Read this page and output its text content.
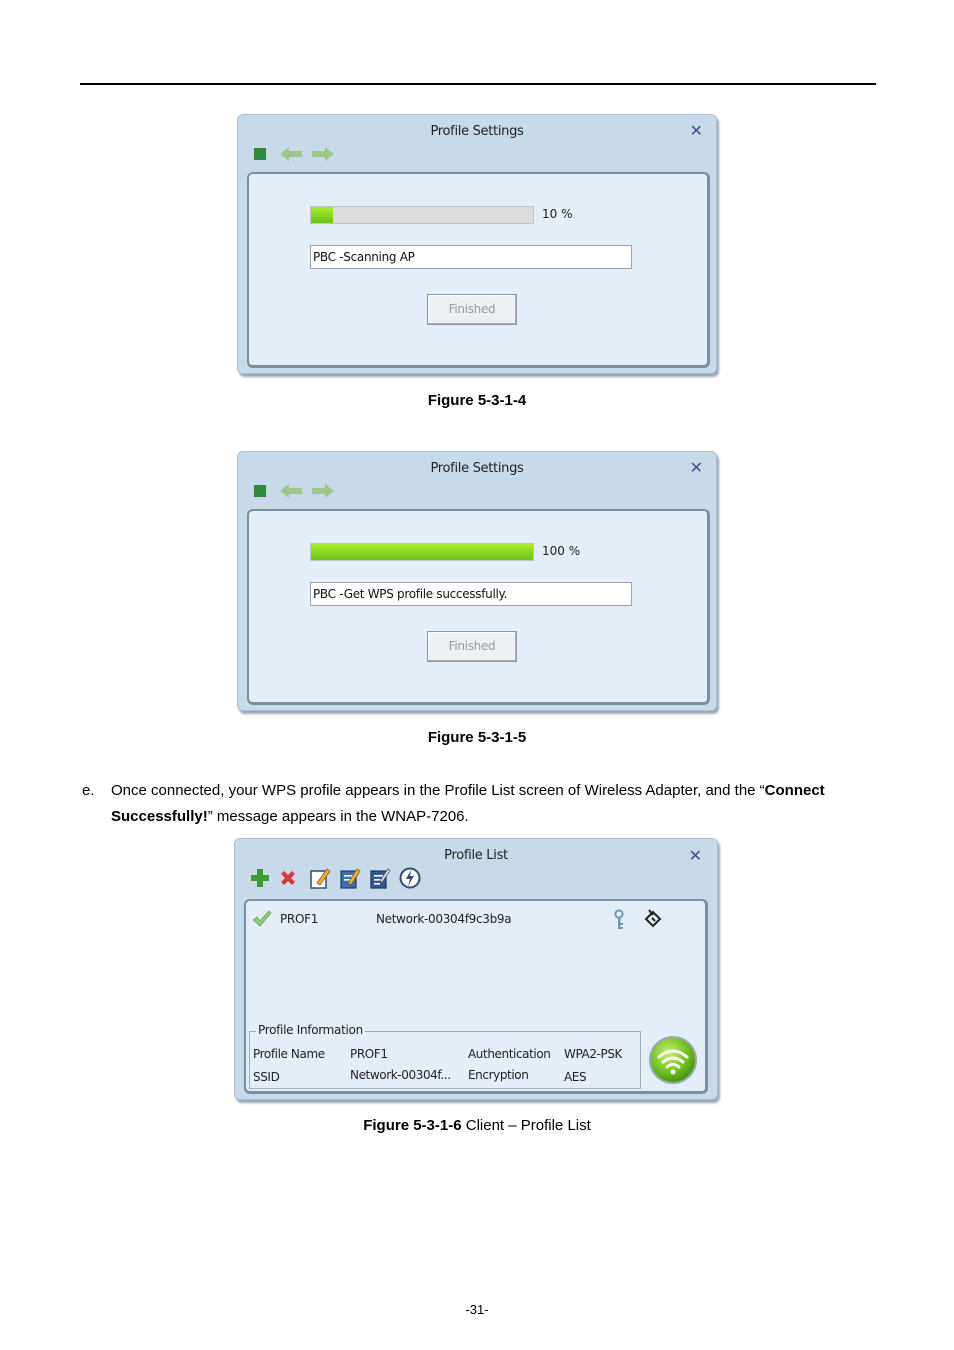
Profile Settings	✕
10 %
PBC -Scanning AP
Finished
Figure 5-3-1-4
Profile Settings	✕
100 %
PBC -Get WPS profile successfully.
Finished
Figure 5-3-1-5
e. Once connected, your WPS profile appears in the Profile List screen of Wireless Adapter, and the “Connect Successfully!” message appears in the WNAP-7206.
Profile List	✕
PROF1	Network-00304f9c3b9a
Profile Information
Profile Name PROF1	Authentication WPA2-PSK
SSID	Network-00304f... Encryption	AES
Figure 5-3-1-6 Client – Profile List
-31-
